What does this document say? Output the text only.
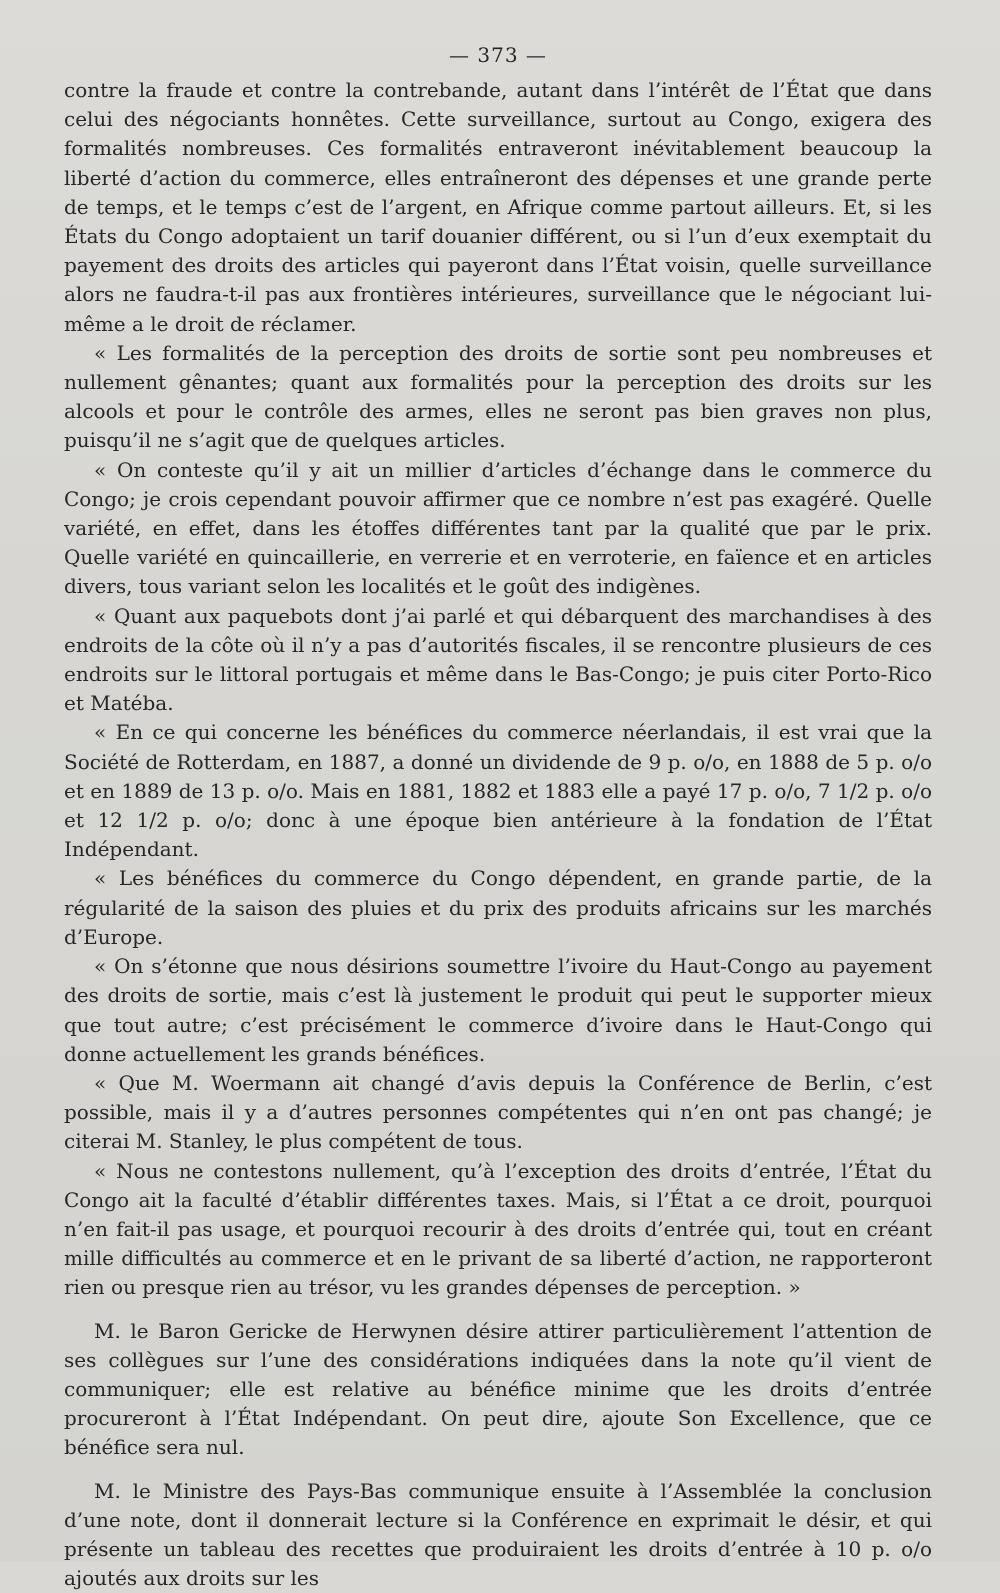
— 373 —

contre la fraude et contre la contrebande, autant dans l’intérêt de l’État que dans celui des négociants honnêtes. Cette surveillance, surtout au Congo, exigera des formalités nombreuses. Ces formalités entraveront inévitablement beaucoup la liberté d’action du commerce, elles entraîneront des dépenses et une grande perte de temps, et le temps c’est de l’argent, en Afrique comme partout ailleurs. Et, si les États du Congo adoptaient un tarif douanier différent, ou si l’un d’eux exemptait du payement des droits des articles qui payeront dans l’État voisin, quelle surveillance alors ne faudra-t-il pas aux frontières intérieures, surveillance que le négociant lui-même a le droit de réclamer.

« Les formalités de la perception des droits de sortie sont peu nombreuses et nullement gênantes; quant aux formalités pour la perception des droits sur les alcools et pour le contrôle des armes, elles ne seront pas bien graves non plus, puisqu’il ne s’agit que de quelques articles.

« On conteste qu’il y ait un millier d’articles d’échange dans le commerce du Congo; je crois cependant pouvoir affirmer que ce nombre n’est pas exagéré. Quelle variété, en effet, dans les étoffes différentes tant par la qualité que par le prix. Quelle variété en quincaillerie, en verrerie et en verroterie, en faïence et en articles divers, tous variant selon les localités et le goût des indigènes.

« Quant aux paquebots dont j’ai parlé et qui débarquent des marchandises à des endroits de la côte où il n’y a pas d’autorités fiscales, il se rencontre plusieurs de ces endroits sur le littoral portugais et même dans le Bas-Congo; je puis citer Porto-Rico et Matéba.

« En ce qui concerne les bénéfices du commerce néerlandais, il est vrai que la Société de Rotterdam, en 1887, a donné un dividende de 9 p. o/o, en 1888 de 5 p. o/o et en 1889 de 13 p. o/o. Mais en 1881, 1882 et 1883 elle a payé 17 p. o/o, 7 1/2 p. o/o et 12 1/2 p. o/o; donc à une époque bien antérieure à la fondation de l’État Indépendant.

« Les bénéfices du commerce du Congo dépendent, en grande partie, de la régularité de la saison des pluies et du prix des produits africains sur les marchés d’Europe.

« On s’étonne que nous désirions soumettre l’ivoire du Haut-Congo au payement des droits de sortie, mais c’est là justement le produit qui peut le supporter mieux que tout autre; c’est précisément le commerce d’ivoire dans le Haut-Congo qui donne actuellement les grands bénéfices.

« Que M. Woermann ait changé d’avis depuis la Conférence de Berlin, c’est possible, mais il y a d’autres personnes compétentes qui n’en ont pas changé; je citerai M. Stanley, le plus compétent de tous.

« Nous ne contestons nullement, qu’à l’exception des droits d’entrée, l’État du Congo ait la faculté d’établir différentes taxes. Mais, si l’État a ce droit, pourquoi n’en fait-il pas usage, et pourquoi recourir à des droits d’entrée qui, tout en créant mille difficultés au commerce et en le privant de sa liberté d’action, ne rapporteront rien ou presque rien au trésor, vu les grandes dépenses de perception. »

M. le Baron Gericke de Herwynen désire attirer particulièrement l’attention de ses collègues sur l’une des considérations indiquées dans la note qu’il vient de communiquer; elle est relative au bénéfice minime que les droits d’entrée procureront à l’État Indépendant. On peut dire, ajoute Son Excellence, que ce bénéfice sera nul.

M. le Ministre des Pays-Bas communique ensuite à l’Assemblée la conclusion d’une note, dont il donnerait lecture si la Conférence en exprimait le désir, et qui présente un tableau des recettes que produiraient les droits d’entrée à 10 p. o/o ajoutés aux droits sur les
